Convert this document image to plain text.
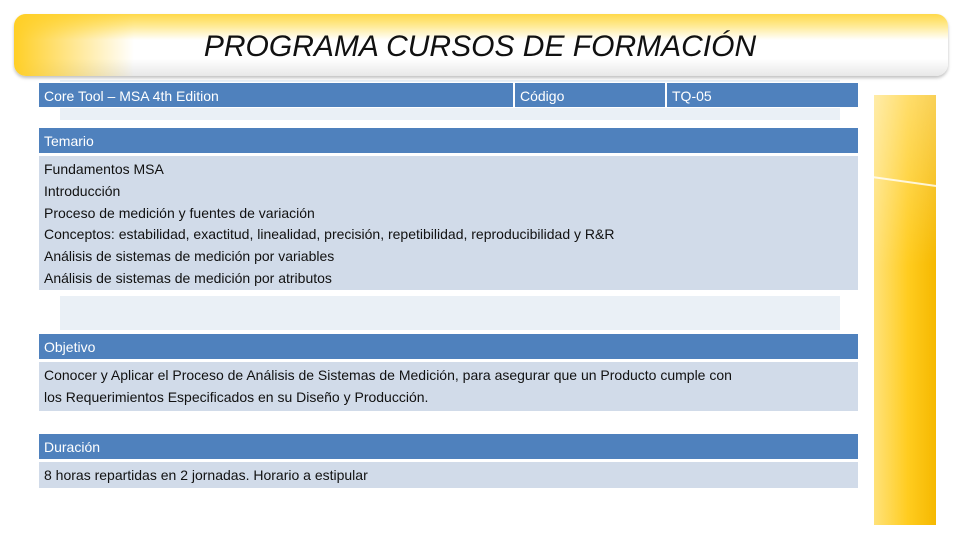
PROGRAMA CURSOS DE FORMACIÓN
Core Tool – MSA 4th Edition	Código	TQ-05
Temario
Fundamentos MSA
Introducción
Proceso de medición y fuentes de variación
Conceptos: estabilidad, exactitud, linealidad, precisión, repetibilidad, reproducibilidad y R&R
Análisis de sistemas de medición por variables
Análisis de sistemas de medición por atributos
Objetivo
Conocer y Aplicar el Proceso de Análisis de Sistemas de Medición, para asegurar que un Producto cumple con
los Requerimientos Especificados en su Diseño y Producción.
Duración
8 horas repartidas en 2 jornadas. Horario a estipular
